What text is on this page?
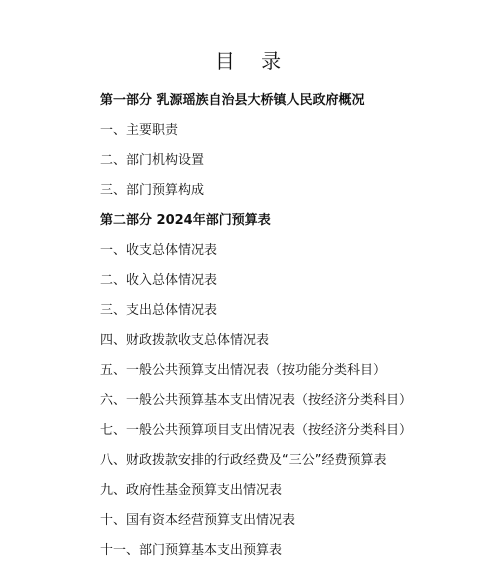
目 录
第一部分 乳源瑶族自治县大桥镇人民政府概况
一、主要职责
二、部门机构设置
三、部门预算构成
第二部分 2024年部门预算表
一、收支总体情况表
二、收入总体情况表
三、支出总体情况表
四、财政拨款收支总体情况表
五、一般公共预算支出情况表（按功能分类科目）
六、一般公共预算基本支出情况表（按经济分类科目）
七、一般公共预算项目支出情况表（按经济分类科目）
八、财政拨款安排的行政经费及“三公”经费预算表
九、政府性基金预算支出情况表
十、国有资本经营预算支出情况表
十一、部门预算基本支出预算表
